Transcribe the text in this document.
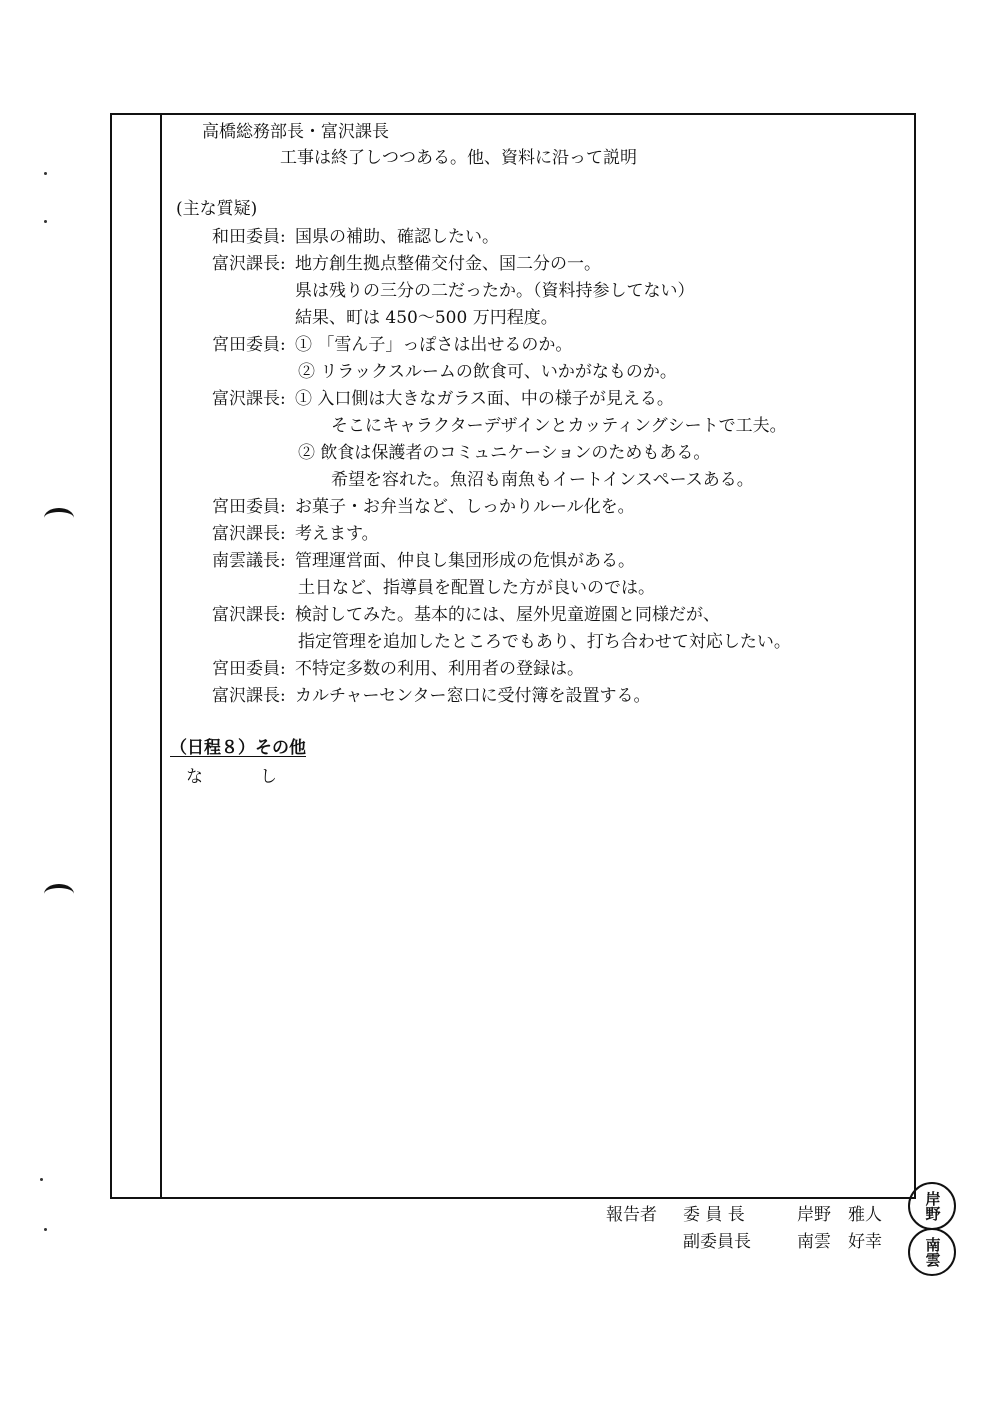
高橋総務部長・富沢課長
工事は終了しつつある。他、資料に沿って説明
(主な質疑)
和田委員 : 国県の補助、確認したい。
富沢課長 : 地方創生拠点整備交付金、国二分の一。
県は残りの三分の二だったか。（資料持参してない）
結果、町は 450〜500 万円程度。
宮田委員 : ① 「雪ん子」っぽさは出せるのか。
② リラックスルームの飲食可、いかがなものか。
富沢課長 : ① 入口側は大きなガラス面、中の様子が見える。
そこにキャラクターデザインとカッティングシートで工夫。
② 飲食は保護者のコミュニケーションのためもある。
希望を容れた。魚沼も南魚もイートインスペースある。
宮田委員 : お菓子・お弁当など、しっかりルール化を。
富沢課長 : 考えます。
南雲議長 : 管理運営面、仲良し集団形成の危惧がある。
土日など、指導員を配置した方が良いのでは。
富沢課長 : 検討してみた。基本的には、屋外児童遊園と同様だが、
指定管理を追加したところでもあり、打ち合わせて対応したい。
宮田委員 : 不特定多数の利用、利用者の登録は。
富沢課長 : カルチャーセンター窓口に受付簿を設置する。
（日程８）その他
な　し
報告者 委 員 長	岸野　雅人	岸野
副委員長	南雲　好幸	南雲
